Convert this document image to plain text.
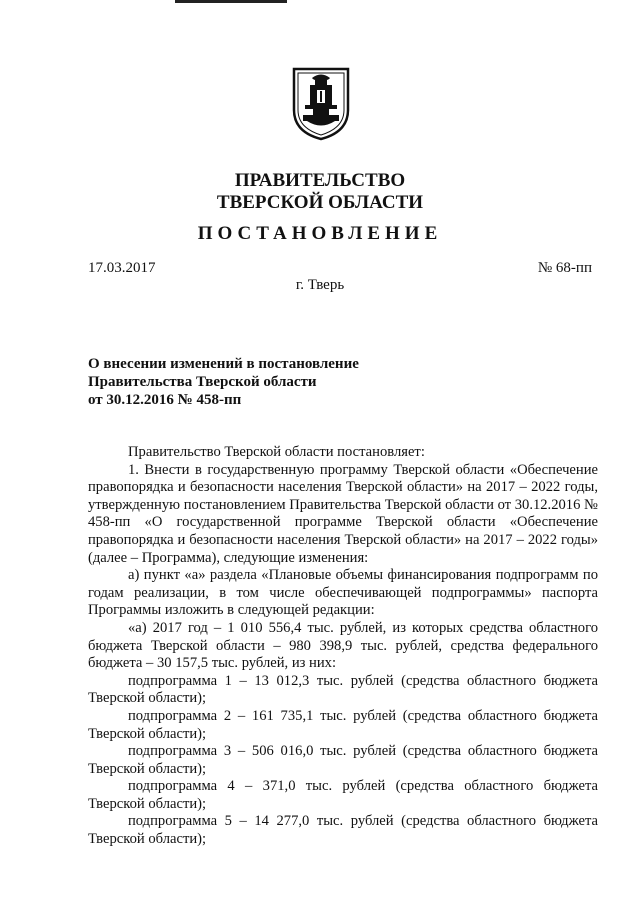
ПРАВИТЕЛЬСТВО
ТВЕРСКОЙ ОБЛАСТИ
ПОСТАНОВЛЕНИЕ
17.03.2017	№ 68-пп
г. Тверь
О внесении изменений в постановление
Правительства Тверской области
от 30.12.2016 № 458-пп

Правительство Тверской области постановляет:

1. Внести в государственную программу Тверской области «Обеспечение правопорядка и безопасности населения Тверской области» на 2017 – 2022 годы, утвержденную постановлением Правительства Тверской области от 30.12.2016 № 458-пп «О государственной программе Тверской области «Обеспечение правопорядка и безопасности населения Тверской области» на 2017 – 2022 годы» (далее – Программа), следующие изменения:

а) пункт «а» раздела «Плановые объемы финансирования подпрограмм по годам реализации, в том числе обеспечивающей подпрограммы» паспорта Программы изложить в следующей редакции:

«а) 2017 год – 1 010 556,4 тыс. рублей, из которых средства областного бюджета Тверской области – 980 398,9 тыс. рублей, средства федерального бюджета – 30 157,5 тыс. рублей, из них:

подпрограмма 1 – 13 012,3 тыс. рублей (средства областного бюджета Тверской области);

подпрограмма 2 – 161 735,1 тыс. рублей (средства областного бюджета Тверской области);

подпрограмма 3 – 506 016,0 тыс. рублей (средства областного бюджета Тверской области);

подпрограмма 4 – 371,0 тыс. рублей (средства областного бюджета Тверской области);

подпрограмма 5 – 14 277,0 тыс. рублей (средства областного бюджета Тверской области);
